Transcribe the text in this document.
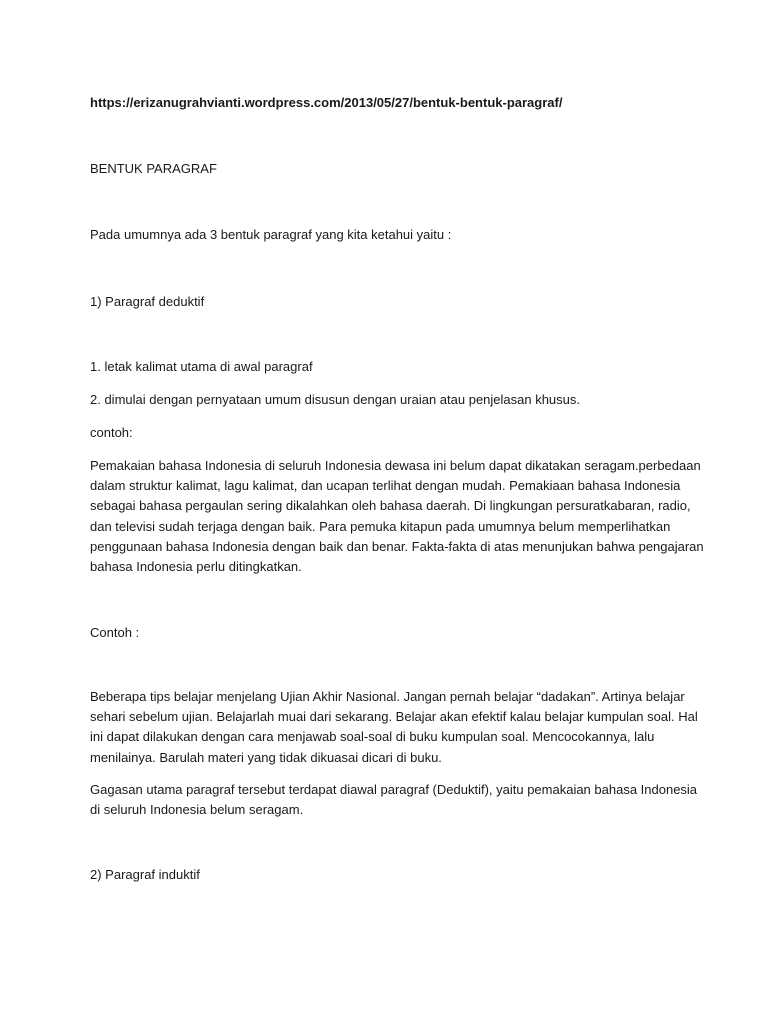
https://erizanugrahvianti.wordpress.com/2013/05/27/bentuk-bentuk-paragraf/
BENTUK PARAGRAF
Pada umumnya ada 3 bentuk paragraf yang kita ketahui yaitu :
1) Paragraf deduktif
1. letak kalimat utama di awal paragraf
2. dimulai dengan pernyataan umum disusun dengan uraian atau penjelasan khusus.
contoh:
Pemakaian bahasa Indonesia di seluruh Indonesia dewasa ini belum dapat dikatakan seragam.perbedaan
dalam struktur kalimat, lagu kalimat, dan ucapan terlihat dengan mudah. Pemakiaan bahasa Indonesia
sebagai bahasa pergaulan sering dikalahkan oleh bahasa daerah. Di lingkungan persuratkabaran, radio,
dan televisi sudah terjaga dengan baik. Para pemuka kitapun pada umumnya belum memperlihatkan
penggunaan bahasa Indonesia dengan baik dan benar. Fakta-fakta di atas menunjukan bahwa pengajaran
bahasa Indonesia perlu ditingkatkan.
Contoh :
Beberapa tips belajar menjelang Ujian Akhir Nasional. Jangan pernah belajar “dadakan”. Artinya belajar
sehari sebelum ujian. Belajarlah muai dari sekarang. Belajar akan efektif kalau belajar kumpulan soal. Hal
ini dapat dilakukan dengan cara menjawab soal-soal di buku kumpulan soal. Mencocokannya, lalu
menilainya. Barulah materi yang tidak dikuasai dicari di buku.
Gagasan utama paragraf tersebut terdapat diawal paragraf (Deduktif), yaitu pemakaian bahasa Indonesia
di seluruh Indonesia belum seragam.
2) Paragraf induktif
